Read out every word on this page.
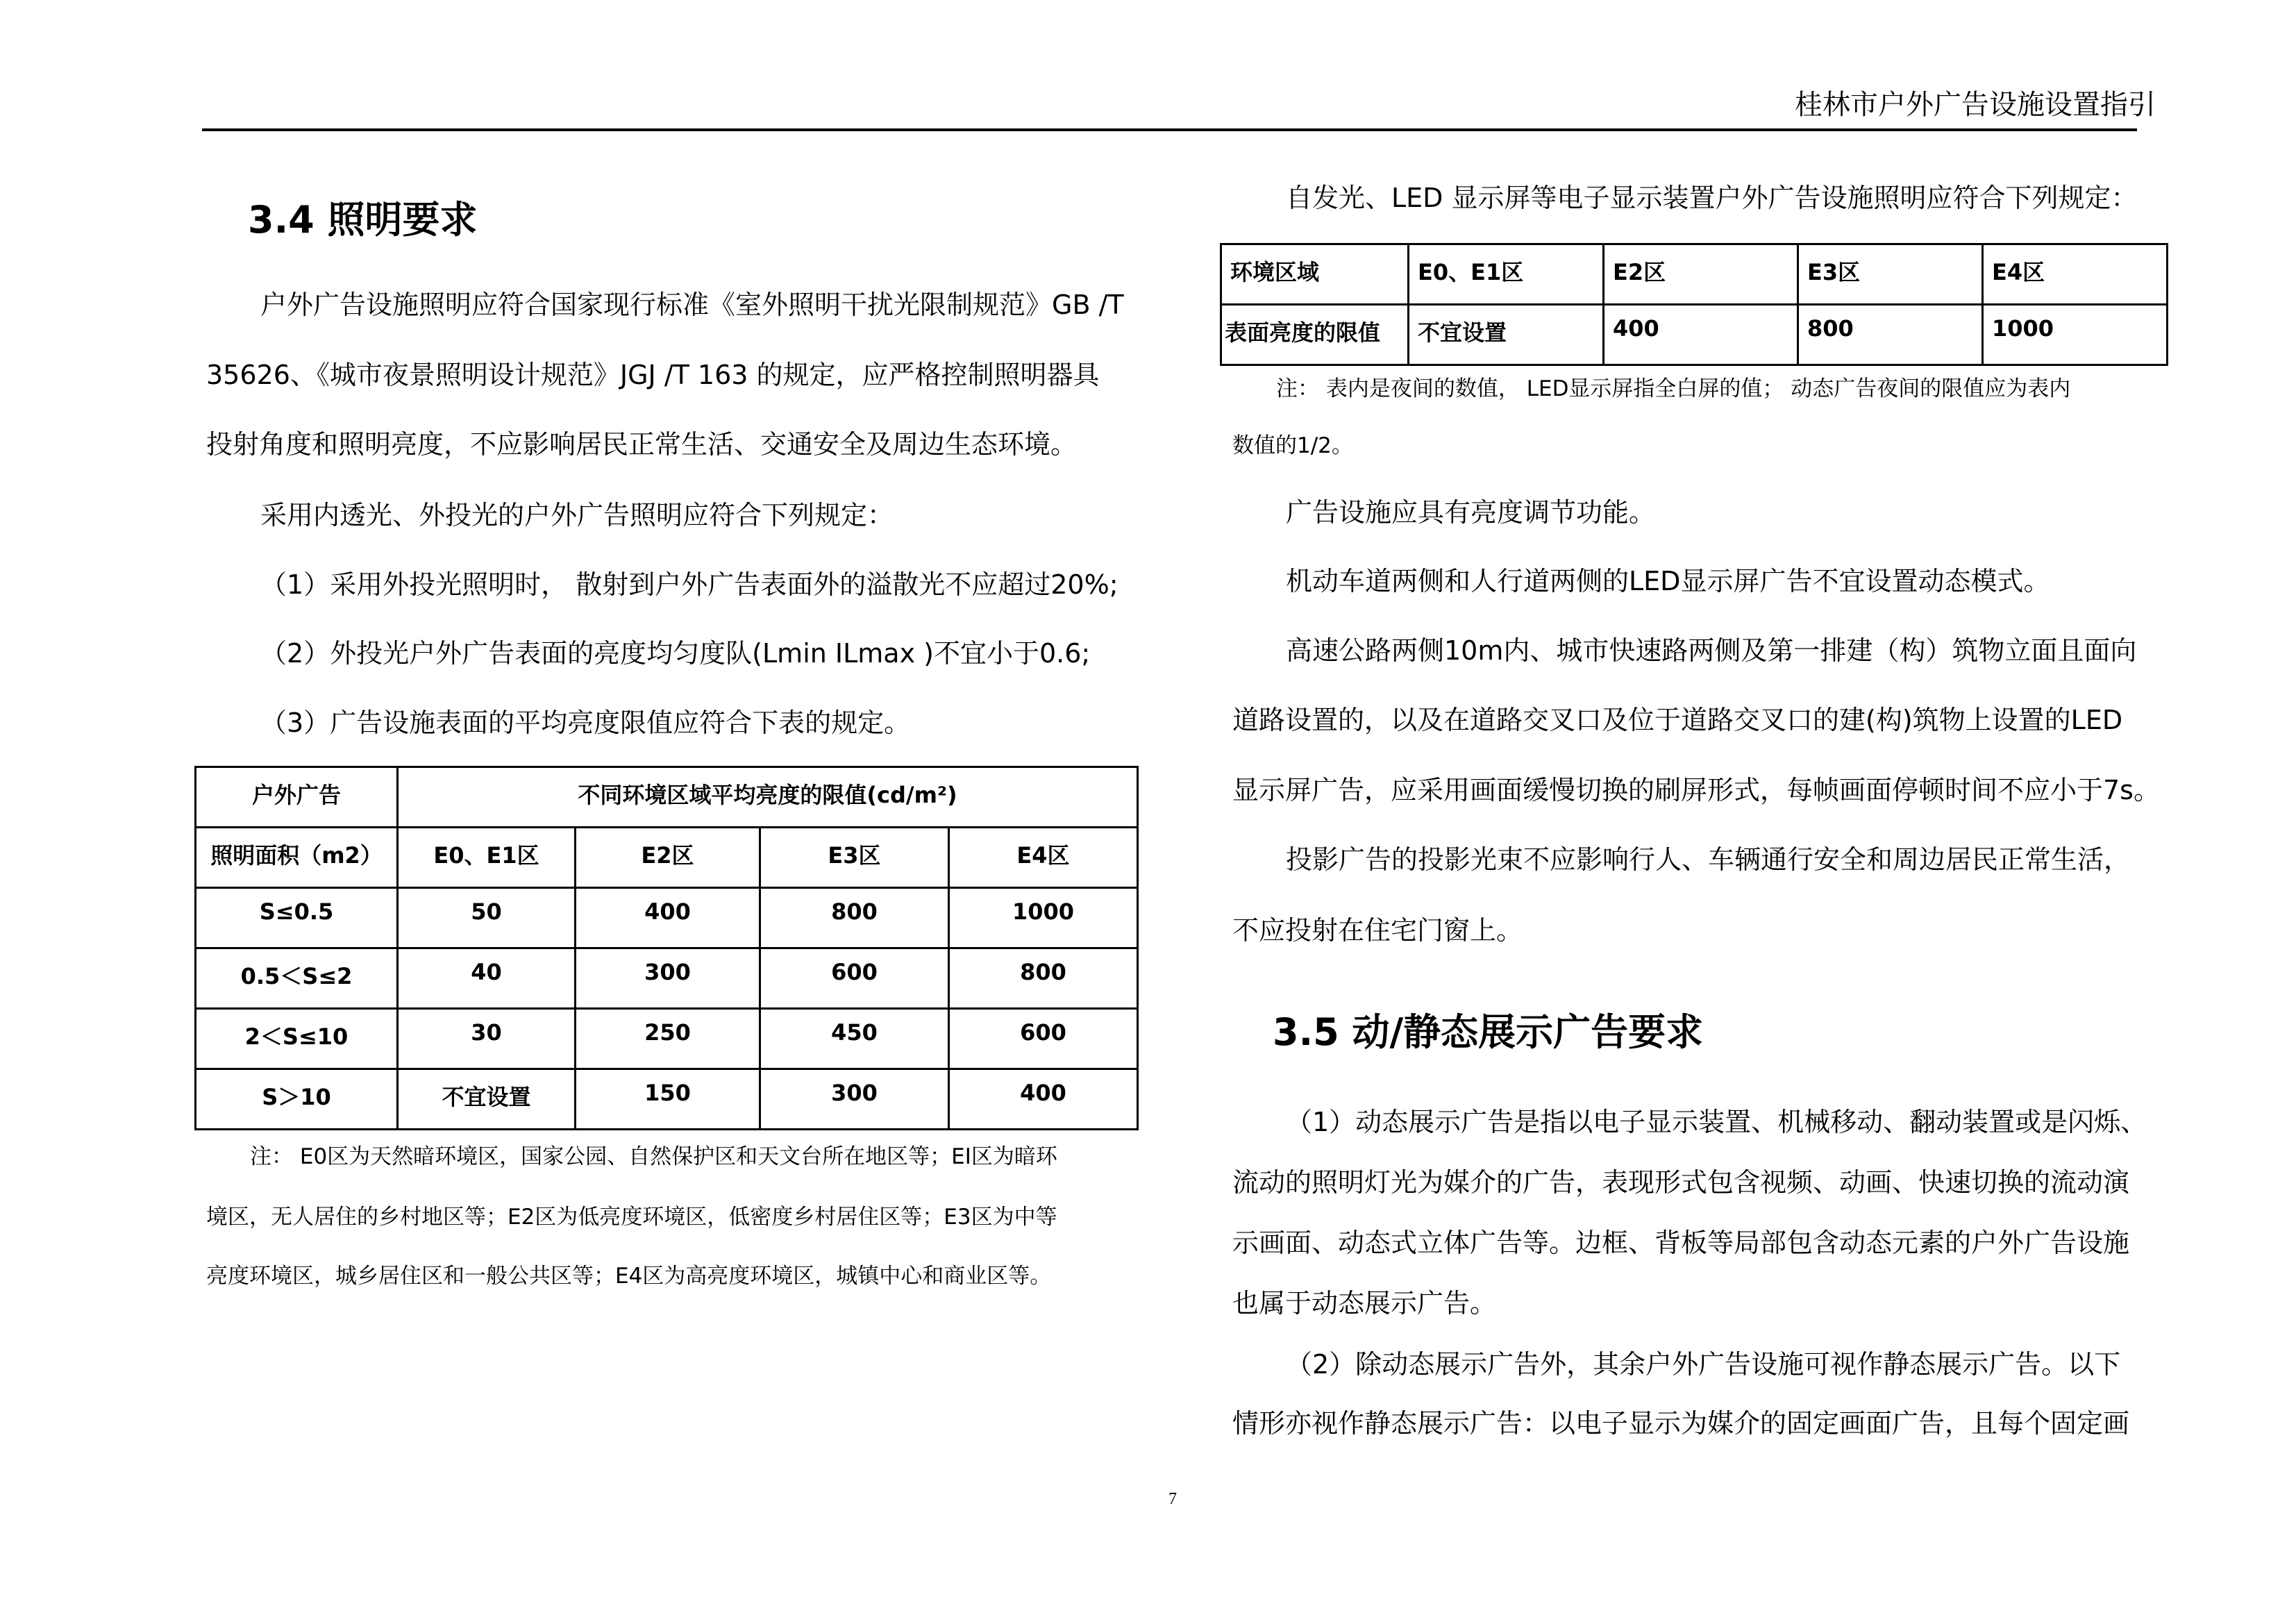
桂林市户外广告设施设置指引
3.4 照明要求
户外广告设施照明应符合国家现行标准《室外照明干扰光限制规范》GB /T
35626、《城市夜景照明设计规范》JGJ /T 163 的规定，应严格控制照明器具
投射角度和照明亮度，不应影响居民正常生活、交通安全及周边生态环境。
采用内透光、外投光的户外广告照明应符合下列规定：
（1）采用外投光照明时， 散射到户外广告表面外的溢散光不应超过20%;
（2）外投光户外广告表面的亮度均匀度队(Lmin ILmax )不宜小于0.6;
（3）广告设施表面的平均亮度限值应符合下表的规定。
户外广告	不同环境区域平均亮度的限值(cd/m²)			
照明面积（m2）	E0、E1区	E2区	E3区	E4区
S≤0.5	50	400	800	1000
0.5＜S≤2	40	300	600	800
2＜S≤10	30	250	450	600
S＞10	不宜设置	150	300	400
注： E0区为天然暗环境区，国家公园、自然保护区和天文台所在地区等；EI区为暗环
境区，无人居住的乡村地区等；E2区为低亮度环境区，低密度乡村居住区等；E3区为中等
亮度环境区，城乡居住区和一般公共区等；E4区为高亮度环境区，城镇中心和商业区等。
自发光、LED 显示屏等电子显示装置户外广告设施照明应符合下列规定：
环境区域	E0、E1区	E2区	E3区	E4区
表面亮度的限值	不宜设置	400	800	1000
注： 表内是夜间的数值， LED显示屏指全白屏的值； 动态广告夜间的限值应为表内
数值的1/2。
广告设施应具有亮度调节功能。
机动车道两侧和人行道两侧的LED显示屏广告不宜设置动态模式。
高速公路两侧10m内、城市快速路两侧及第一排建（构）筑物立面且面向
道路设置的，以及在道路交叉口及位于道路交叉口的建(构)筑物上设置的LED
显示屏广告，应采用画面缓慢切换的刷屏形式，每帧画面停顿时间不应小于7s。
投影广告的投影光束不应影响行人、车辆通行安全和周边居民正常生活，
不应投射在住宅门窗上。
3.5 动/静态展示广告要求
（1）动态展示广告是指以电子显示装置、机械移动、翻动装置或是闪烁、
流动的照明灯光为媒介的广告，表现形式包含视频、动画、快速切换的流动演
示画面、动态式立体广告等。边框、背板等局部包含动态元素的户外广告设施
也属于动态展示广告。
（2）除动态展示广告外，其余户外广告设施可视作静态展示广告。以下
情形亦视作静态展示广告：以电子显示为媒介的固定画面广告，且每个固定画
7
